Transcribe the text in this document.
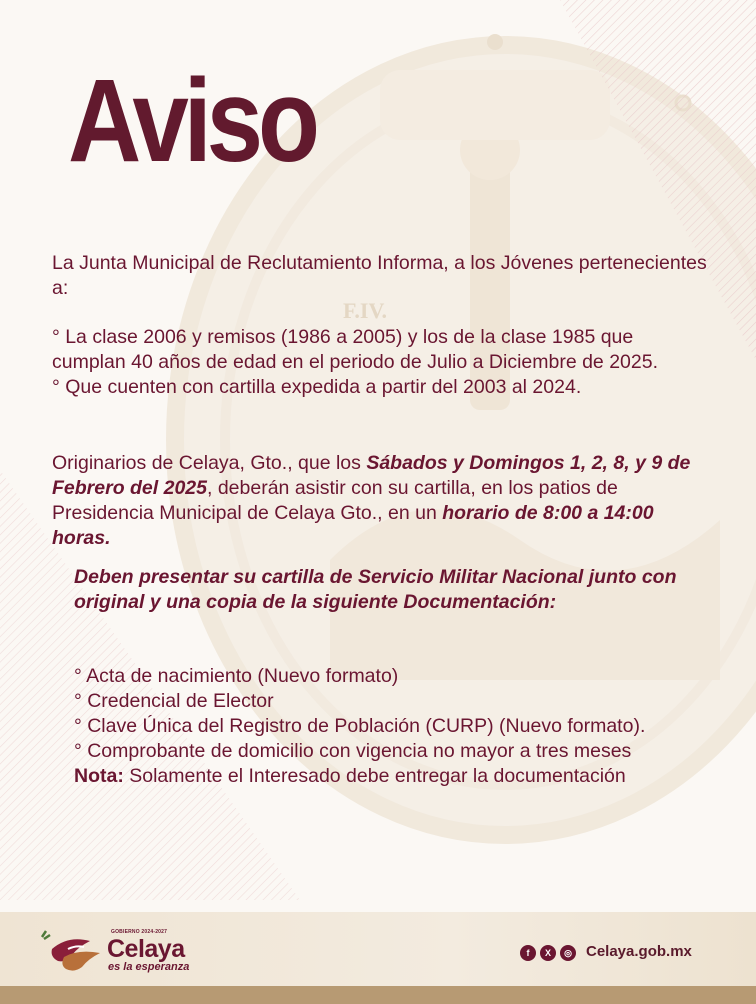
F.IV.
Aviso

La Junta Municipal de Reclutamiento Informa, a los Jóvenes pertenecientes a:

° La clase 2006 y remisos (1986 a 2005) y los de la clase 1985 que cumplan 40 años de edad en el periodo de Julio a Diciembre de 2025.
° Que cuenten con cartilla expedida a partir del 2003 al 2024.

Originarios de Celaya, Gto., que los Sábados y Domingos 1, 2, 8, y 9 de Febrero del 2025, deberán asistir con su cartilla, en los patios de Presidencia Municipal de Celaya Gto., en un horario de 8:00 a 14:00 horas.

Deben presentar su cartilla de Servicio Militar Nacional junto con original y una copia de la siguiente Documentación:

° Acta de nacimiento (Nuevo formato)
° Credencial de Elector
° Clave Única del Registro de Población (CURP) (Nuevo formato).
° Comprobante de domicilio con vigencia no mayor a tres meses
Nota: Solamente el Interesado debe entregar la documentación
GOBIERNO 2024-2027
Celaya
es la esperanza
f	X	◎ Celaya.gob.mx
